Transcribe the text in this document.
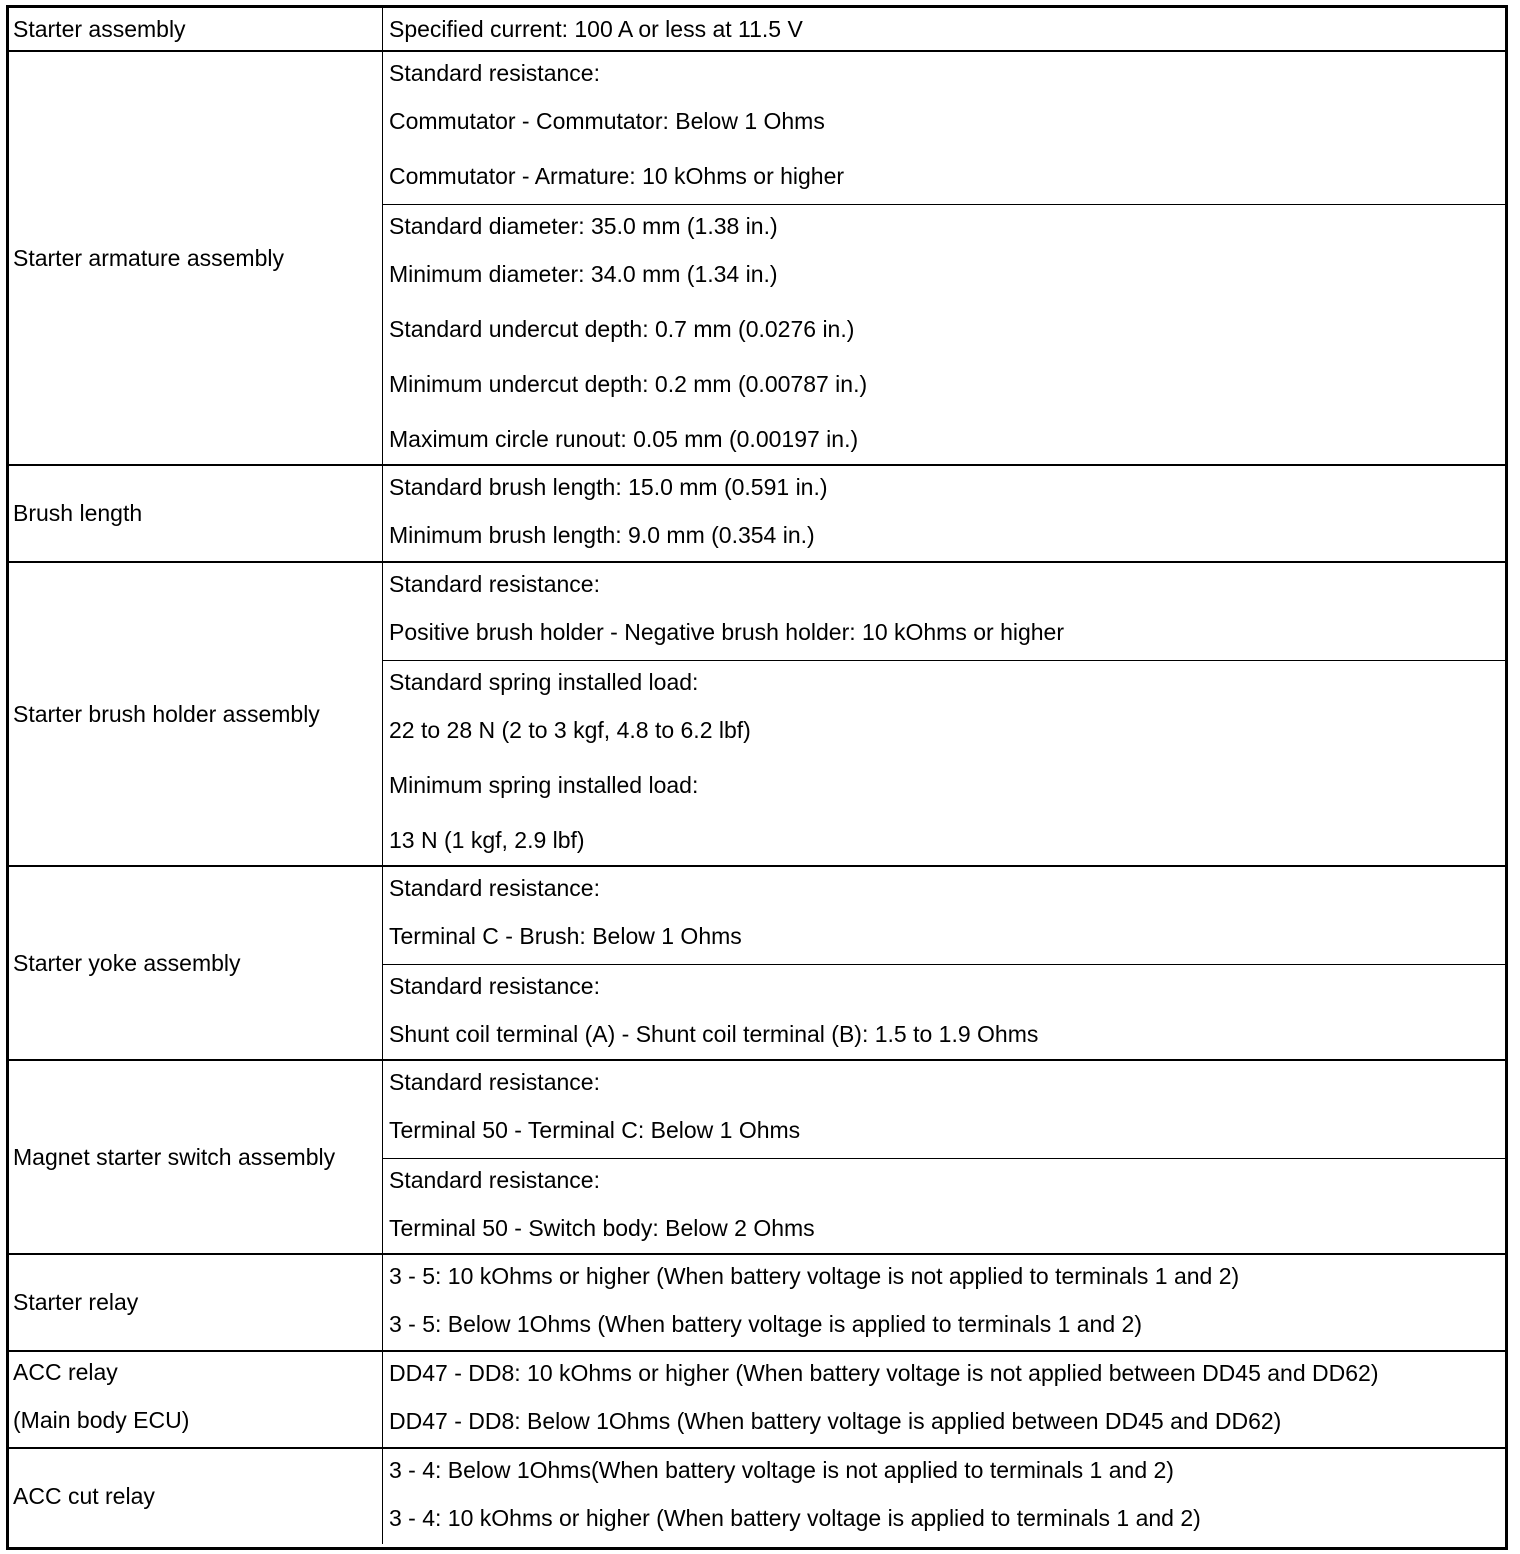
Specified current: 100 A or less at 11.5 V
Starter assembly
Standard resistance:
Commutator - Commutator: Below 1 Ohms
Commutator - Armature: 10 kOhms or higher
Standard diameter: 35.0 mm (1.38 in.)
Minimum diameter: 34.0 mm (1.34 in.)
Standard undercut depth: 0.7 mm (0.0276 in.)
Minimum undercut depth: 0.2 mm (0.00787 in.)
Maximum circle runout: 0.05 mm (0.00197 in.)
Starter armature assembly
Standard brush length: 15.0 mm (0.591 in.)
Minimum brush length: 9.0 mm (0.354 in.)
Brush length
Standard resistance:
Positive brush holder - Negative brush holder: 10 kOhms or higher
Standard spring installed load:
22 to 28 N (2 to 3 kgf, 4.8 to 6.2 lbf)
Minimum spring installed load:
13 N (1 kgf, 2.9 lbf)
Starter brush holder assembly
Standard resistance:
Terminal C - Brush: Below 1 Ohms
Standard resistance:
Shunt coil terminal (A) - Shunt coil terminal (B): 1.5 to 1.9 Ohms
Starter yoke assembly
Standard resistance:
Terminal 50 - Terminal C: Below 1 Ohms
Standard resistance:
Terminal 50 - Switch body: Below 2 Ohms
Magnet starter switch assembly
3 - 5: 10 kOhms or higher (When battery voltage is not applied to terminals 1 and 2)
3 - 5: Below 1Ohms (When battery voltage is applied to terminals 1 and 2)
Starter relay
DD47 - DD8: 10 kOhms or higher (When battery voltage is not applied between DD45 and DD62)
DD47 - DD8: Below 1Ohms (When battery voltage is applied between DD45 and DD62)
ACC relay
(Main body ECU)
3 - 4: Below 1Ohms(When battery voltage is not applied to terminals 1 and 2)
3 - 4: 10 kOhms or higher (When battery voltage is applied to terminals 1 and 2)
ACC cut relay
